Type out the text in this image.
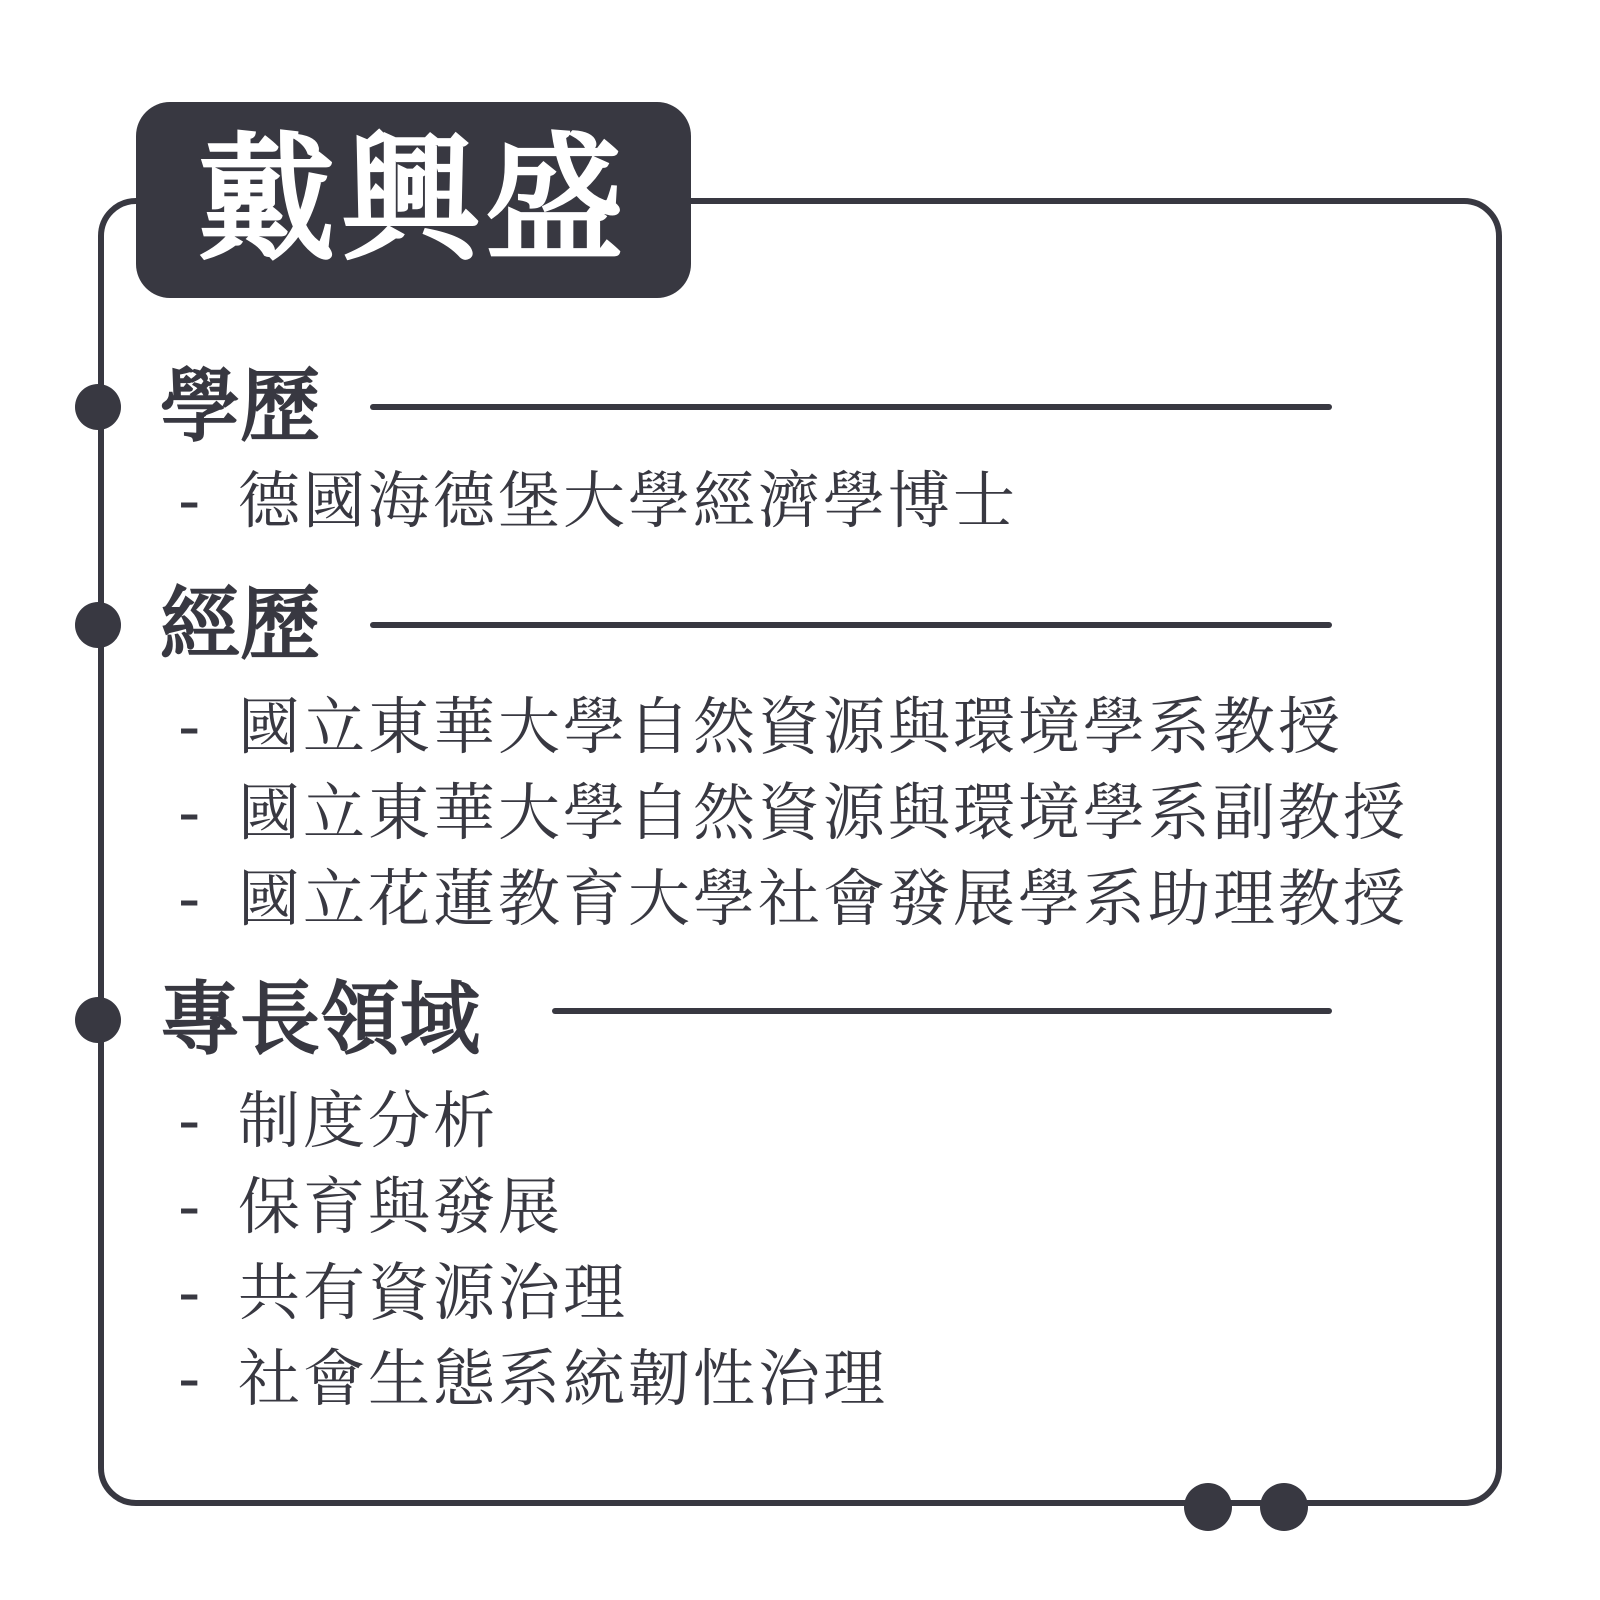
戴興盛
學歷
- 德國海德堡大學經濟學博士
經歷
- 國立東華大學自然資源與環境學系教授
- 國立東華大學自然資源與環境學系副教授
- 國立花蓮教育大學社會發展學系助理教授
專長領域
- 制度分析
- 保育與發展
- 共有資源治理
- 社會生態系統韌性治理
